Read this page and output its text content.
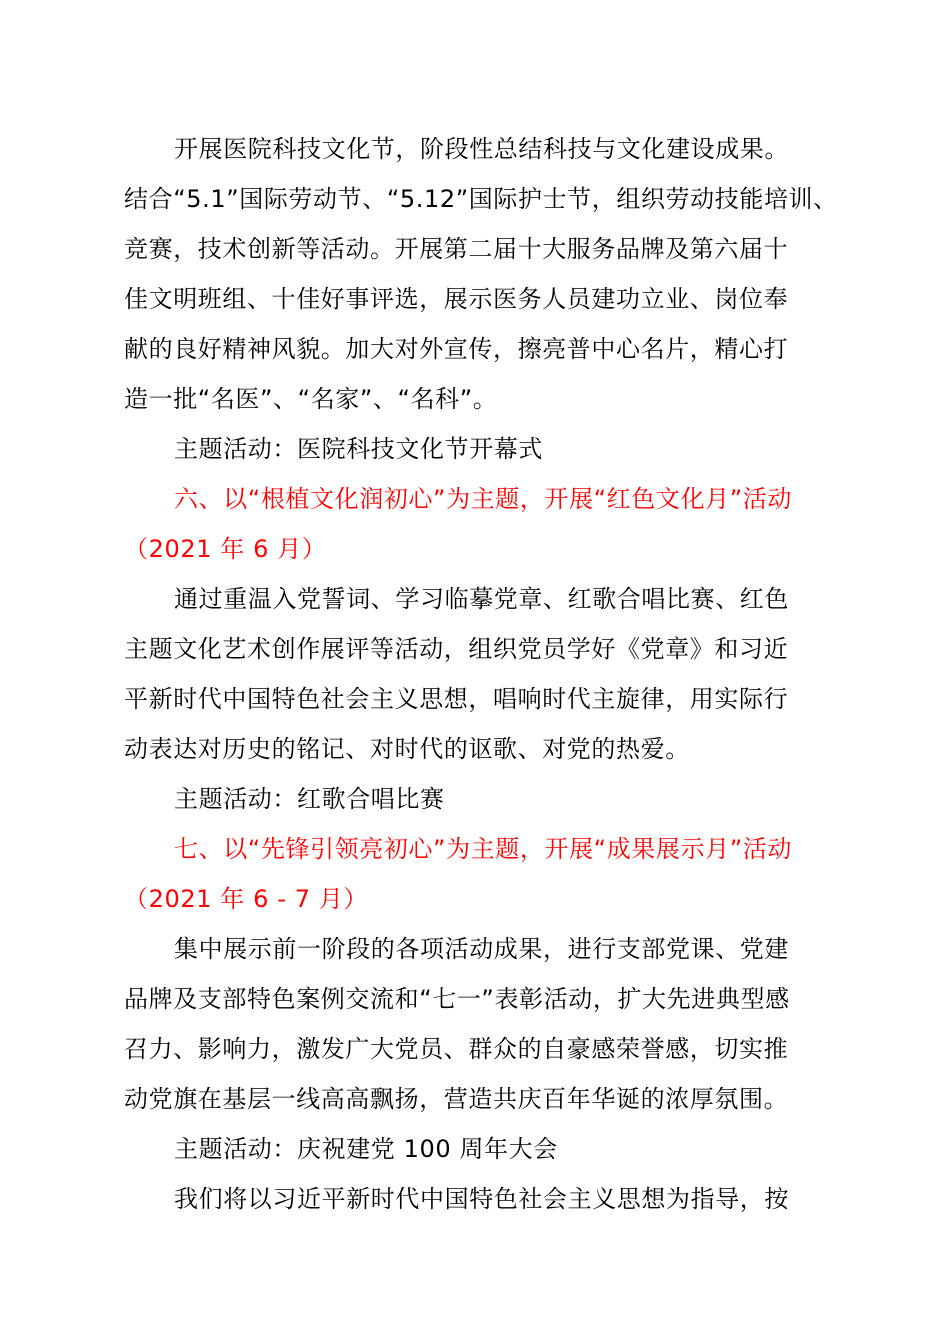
开展医院科技文化节，阶段性总结科技与文化建设成果。
结合“5.1”国际劳动节、“5.12”国际护士节，组织劳动技能培训、
竞赛，技术创新等活动。开展第二届十大服务品牌及第六届十
佳文明班组、十佳好事评选，展示医务人员建功立业、岗位奉
献的良好精神风貌。加大对外宣传，擦亮普中心名片，精心打
造一批“名医”、“名家”、“名科”。
主题活动：医院科技文化节开幕式
六、以“根植文化润初心”为主题，开展“红色文化月”活动
（2021 年 6 月）
通过重温入党誓词、学习临摹党章、红歌合唱比赛、红色
主题文化艺术创作展评等活动，组织党员学好《党章》和习近
平新时代中国特色社会主义思想，唱响时代主旋律，用实际行
动表达对历史的铭记、对时代的讴歌、对党的热爱。
主题活动：红歌合唱比赛
七、以“先锋引领亮初心”为主题，开展“成果展示月”活动
（2021 年 6 - 7 月）
集中展示前一阶段的各项活动成果，进行支部党课、党建
品牌及支部特色案例交流和“七一”表彰活动，扩大先进典型感
召力、影响力，激发广大党员、群众的自豪感荣誉感，切实推
动党旗在基层一线高高飘扬，营造共庆百年华诞的浓厚氛围。
主题活动：庆祝建党 100 周年大会
我们将以习近平新时代中国特色社会主义思想为指导，按
